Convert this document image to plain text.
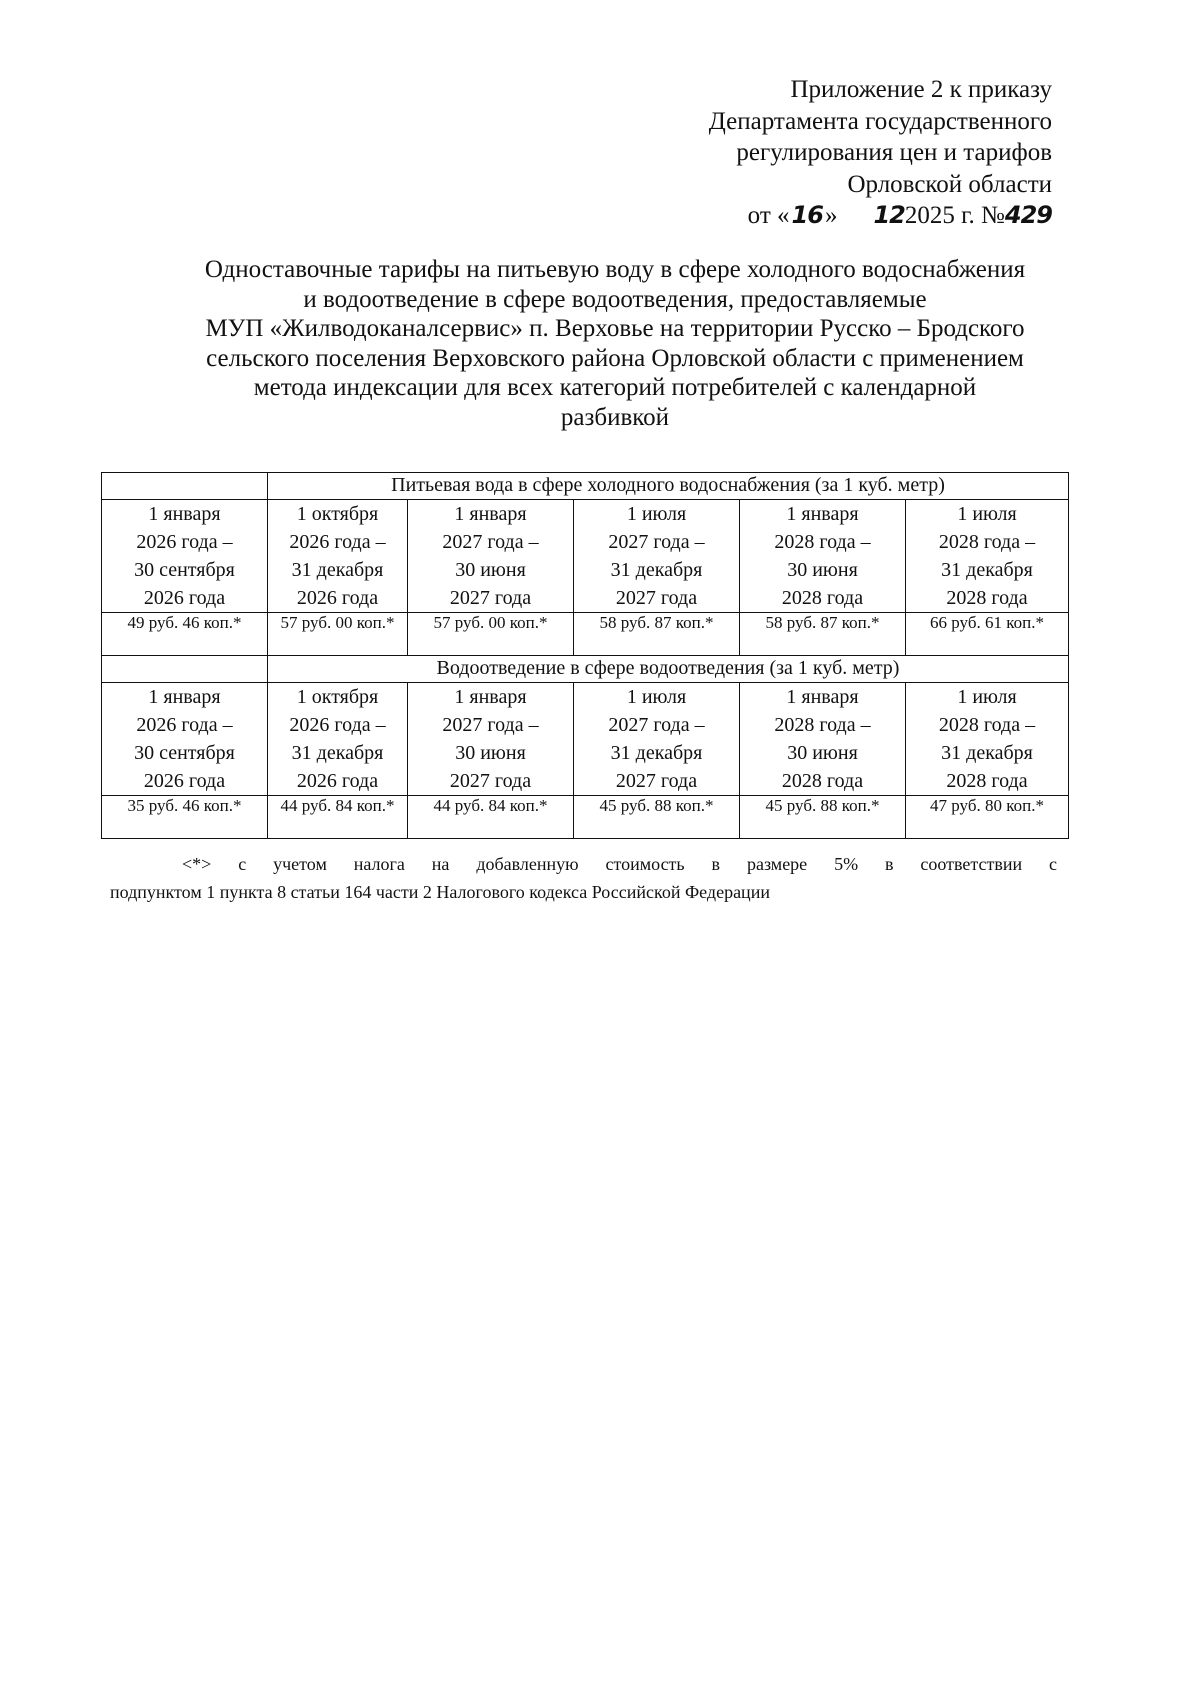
Приложение 2 к приказу
Департамента государственного
регулирования цен и тарифов
Орловской области
от «16» 122025 г. №429
Одноставочные тарифы на питьевую воду в сфере холодного водоснабжения
и водоотведение в сфере водоотведения, предоставляемые
МУП «Жилводоканалсервис» п. Верховье на территории Русско – Бродского
сельского поселения Верховского района Орловской области с применением
метода индексации для всех категорий потребителей с календарной
разбивкой
	Питьевая вода в сфере холодного водоснабжения (за 1 куб. метр)				

1 января
2026 года –
30 сентября
2026 года	1 октября
2026 года –
31 декабря
2026 года	1 января
2027 года –
30 июня
2027 года	1 июля
2027 года –
31 декабря
2027 года	1 января
2028 года –
30 июня
2028 года	1 июля
2028 года –
31 декабря
2028 года

49 руб. 46 коп.*	57 руб. 00 коп.*	57 руб. 00 коп.*	58 руб. 87 коп.*	58 руб. 87 коп.*	66 руб. 61 коп.*
	Водоотведение в сфере водоотведения (за 1 куб. метр)				

1 января
2026 года –
30 сентября
2026 года	1 октября
2026 года –
31 декабря
2026 года	1 января
2027 года –
30 июня
2027 года	1 июля
2027 года –
31 декабря
2027 года	1 января
2028 года –
30 июня
2028 года	1 июля
2028 года –
31 декабря
2028 года

35 руб. 46 коп.*	44 руб. 84 коп.*	44 руб. 84 коп.*	45 руб. 88 коп.*	45 руб. 88 коп.*	47 руб. 80 коп.*
<*> с учетом налога на добавленную стоимость в размере 5% в соответствии с
подпунктом 1 пункта 8 статьи 164 части 2 Налогового кодекса Российской Федерации
